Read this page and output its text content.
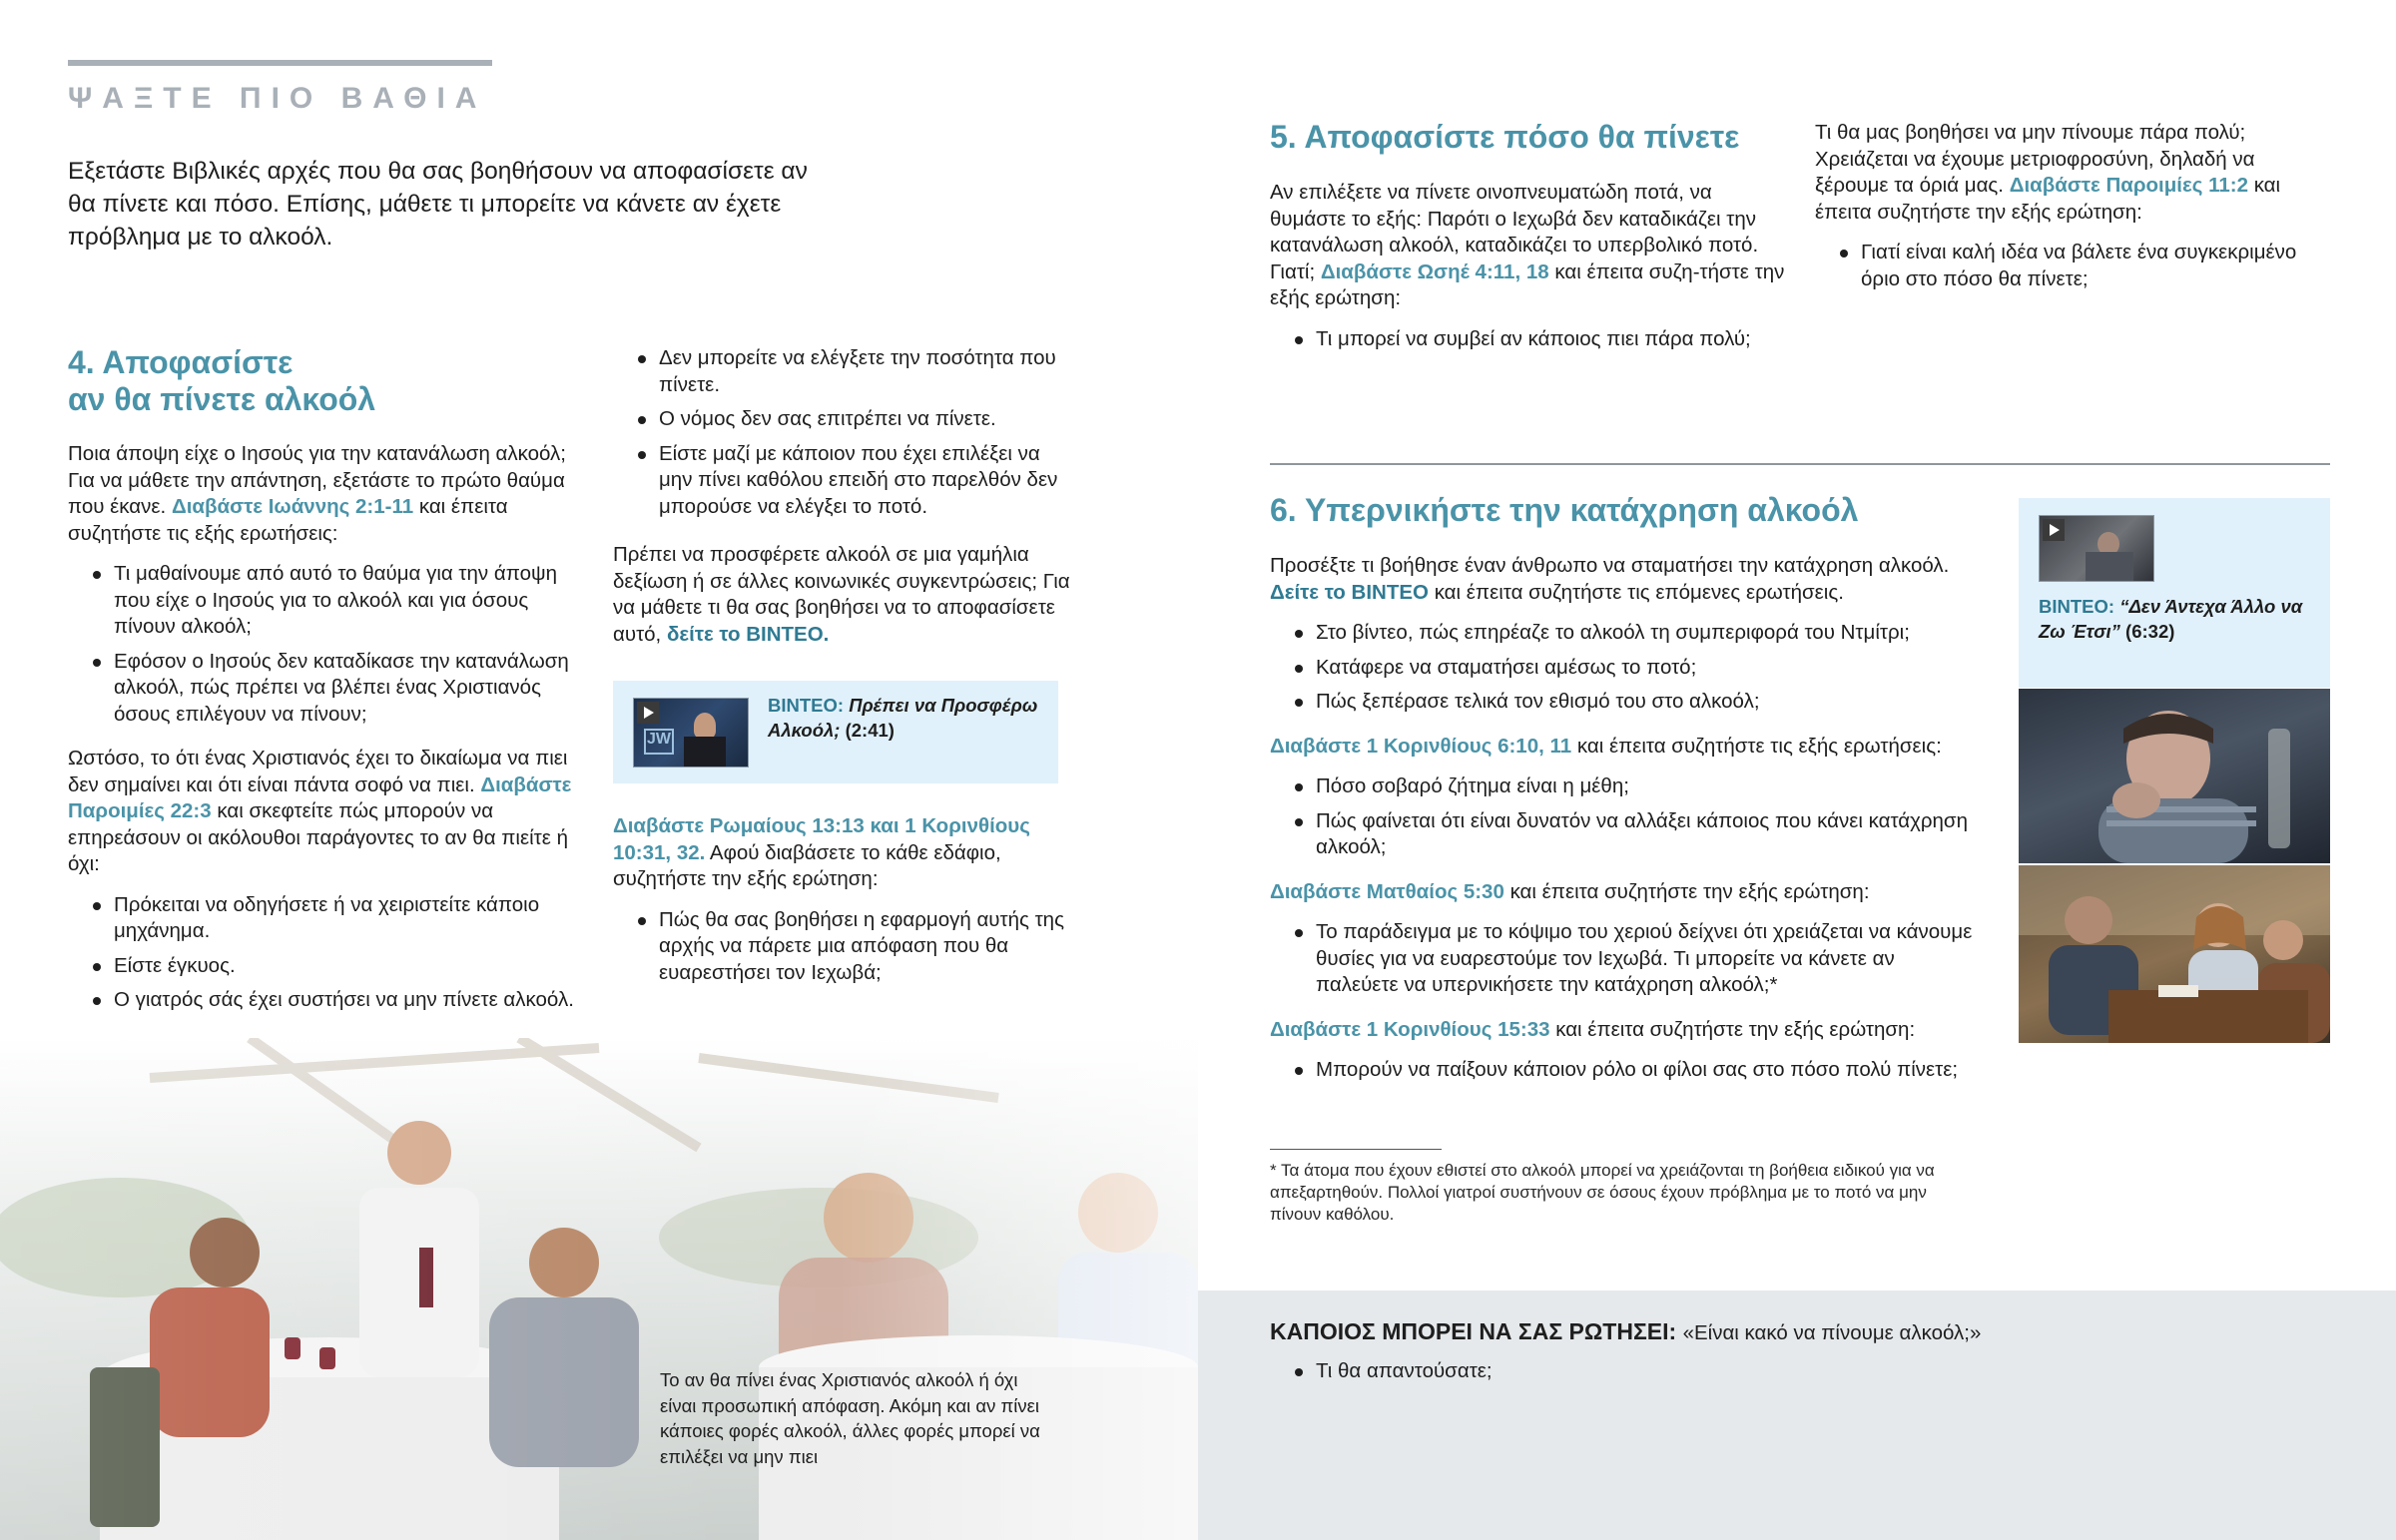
ΨΑΞΤΕ ΠΙΟ ΒΑΘΙΑ

Εξετάστε Βιβλικές αρχές που θα σας βοηθήσουν να αποφασίσετε αν θα πίνετε και πόσο. Επίσης, μάθετε τι μπορείτε να κάνετε αν έχετε πρόβλημα με το αλκοόλ.

4. Αποφασίστε
αν θα πίνετε αλκοόλ

Ποια άποψη είχε ο Ιησούς για την κατανάλωση αλκοόλ; Για να μάθετε την απάντηση, εξετάστε το πρώτο θαύμα που έκανε. Διαβάστε Ιωάννης 2:1-11 και έπειτα συζητήστε τις εξής ερωτήσεις:

Τι μαθαίνουμε από αυτό το θαύμα για την άποψη που είχε ο Ιησούς για το αλκοόλ και για όσους πίνουν αλκοόλ;
Εφόσον ο Ιησούς δεν καταδίκασε την κατανάλωση αλκοόλ, πώς πρέπει να βλέπει ένας Χριστιανός όσους επιλέγουν να πίνουν;

Ωστόσο, το ότι ένας Χριστιανός έχει το δικαίωμα να πιει δεν σημαίνει και ότι είναι πάντα σοφό να πιει. Διαβάστε Παροιμίες 22:3 και σκεφτείτε πώς μπορούν να επηρεάσουν οι ακόλουθοι παράγοντες το αν θα πιείτε ή όχι:

Πρόκειται να οδηγήσετε ή να χειριστείτε κάποιο μηχάνημα.
Είστε έγκυος.
Ο γιατρός σάς έχει συστήσει να μην πίνετε αλκοόλ.
Δεν μπορείτε να ελέγξετε την ποσότητα που πίνετε.
Ο νόμος δεν σας επιτρέπει να πίνετε.
Είστε μαζί με κάποιον που έχει επιλέξει να μην πίνει καθόλου επειδή στο παρελθόν δεν μπορούσε να ελέγξει το ποτό.

Πρέπει να προσφέρετε αλκοόλ σε μια γαμήλια δεξίωση ή σε άλλες κοινωνικές συγκεντρώσεις; Για να μάθετε τι θα σας βοηθήσει να το αποφασίσετε αυτό, δείτε το ΒΙΝΤΕΟ.

JW
ΒΙΝΤΕΟ: Πρέπει να Προσφέρω Αλκοόλ; (2:41)

Διαβάστε Ρωμαίους 13:13 και 1 Κορινθίους 10:31, 32. Αφού διαβάσετε το κάθε εδάφιο, συζητήστε την εξής ερώτηση:

Πώς θα σας βοηθήσει η εφαρμογή αυτής της αρχής να πάρετε μια απόφαση που θα ευαρεστήσει τον Ιεχωβά;

Το αν θα πίνει ένας Χριστιανός αλκοόλ ή όχι είναι προσωπική απόφαση. Ακόμη και αν πίνει κάποιες φορές αλκοόλ, άλλες φορές μπορεί να επιλέξει να μην πιει

5. Αποφασίστε πόσο θα πίνετε

Αν επιλέξετε να πίνετε οινοπνευματώδη ποτά, να θυμάστε το εξής: Παρότι ο Ιεχωβά δεν καταδικάζει την κατανάλωση αλκοόλ, καταδικάζει το υπερβολικό ποτό. Γιατί; Διαβάστε Ωσηέ 4:11, 18 και έπειτα συζη-τήστε την εξής ερώτηση:

Τι μπορεί να συμβεί αν κάποιος πιει πάρα πολύ;

Τι θα μας βοηθήσει να μην πίνουμε πάρα πολύ; Χρειάζεται να έχουμε μετριοφροσύνη, δηλαδή να ξέρουμε τα όριά μας. Διαβάστε Παροιμίες 11:2 και έπειτα συζητήστε την εξής ερώτηση:

Γιατί είναι καλή ιδέα να βάλετε ένα συγκεκριμένο όριο στο πόσο θα πίνετε;
6. Υπερνικήστε την κατάχρηση αλκοόλ

Προσέξτε τι βοήθησε έναν άνθρωπο να σταματήσει την κατάχρηση αλκοόλ. Δείτε το ΒΙΝΤΕΟ και έπειτα συζητήστε τις επόμενες ερωτήσεις.

Στο βίντεο, πώς επηρέαζε το αλκοόλ τη συμπεριφορά του Ντμίτρι;
Κατάφερε να σταματήσει αμέσως το ποτό;
Πώς ξεπέρασε τελικά τον εθισμό του στο αλκοόλ;

Διαβάστε 1 Κορινθίους 6:10, 11 και έπειτα συζητήστε τις εξής ερωτήσεις:

Πόσο σοβαρό ζήτημα είναι η μέθη;
Πώς φαίνεται ότι είναι δυνατόν να αλλάξει κάποιος που κάνει κατάχρηση αλκοόλ;

Διαβάστε Ματθαίος 5:30 και έπειτα συζητήστε την εξής ερώτηση:

Το παράδειγμα με το κόψιμο του χεριού δείχνει ότι χρειάζεται να κάνουμε θυσίες για να ευαρεστούμε τον Ιεχωβά. Τι μπορείτε να κάνετε αν παλεύετε να υπερνικήσετε την κατάχρηση αλκοόλ;*

Διαβάστε 1 Κορινθίους 15:33 και έπειτα συζητήστε την εξής ερώτηση:

Μπορούν να παίξουν κάποιον ρόλο οι φίλοι σας στο πόσο πολύ πίνετε;

* Τα άτομα που έχουν εθιστεί στο αλκοόλ μπορεί να χρειάζονται τη βοήθεια ειδικού για να απεξαρτηθούν. Πολλοί γιατροί συστήνουν σε όσους έχουν πρόβλημα με το ποτό να μην πίνουν καθόλου.

ΒΙΝΤΕΟ: “Δεν Άντεχα Άλλο να Ζω Έτσι” (6:32)

ΚΑΠΟΙΟΣ ΜΠΟΡΕΙ ΝΑ ΣΑΣ ΡΩΤΗΣΕΙ: «Είναι κακό να πίνουμε αλκοόλ;»

Τι θα απαντούσατε;
